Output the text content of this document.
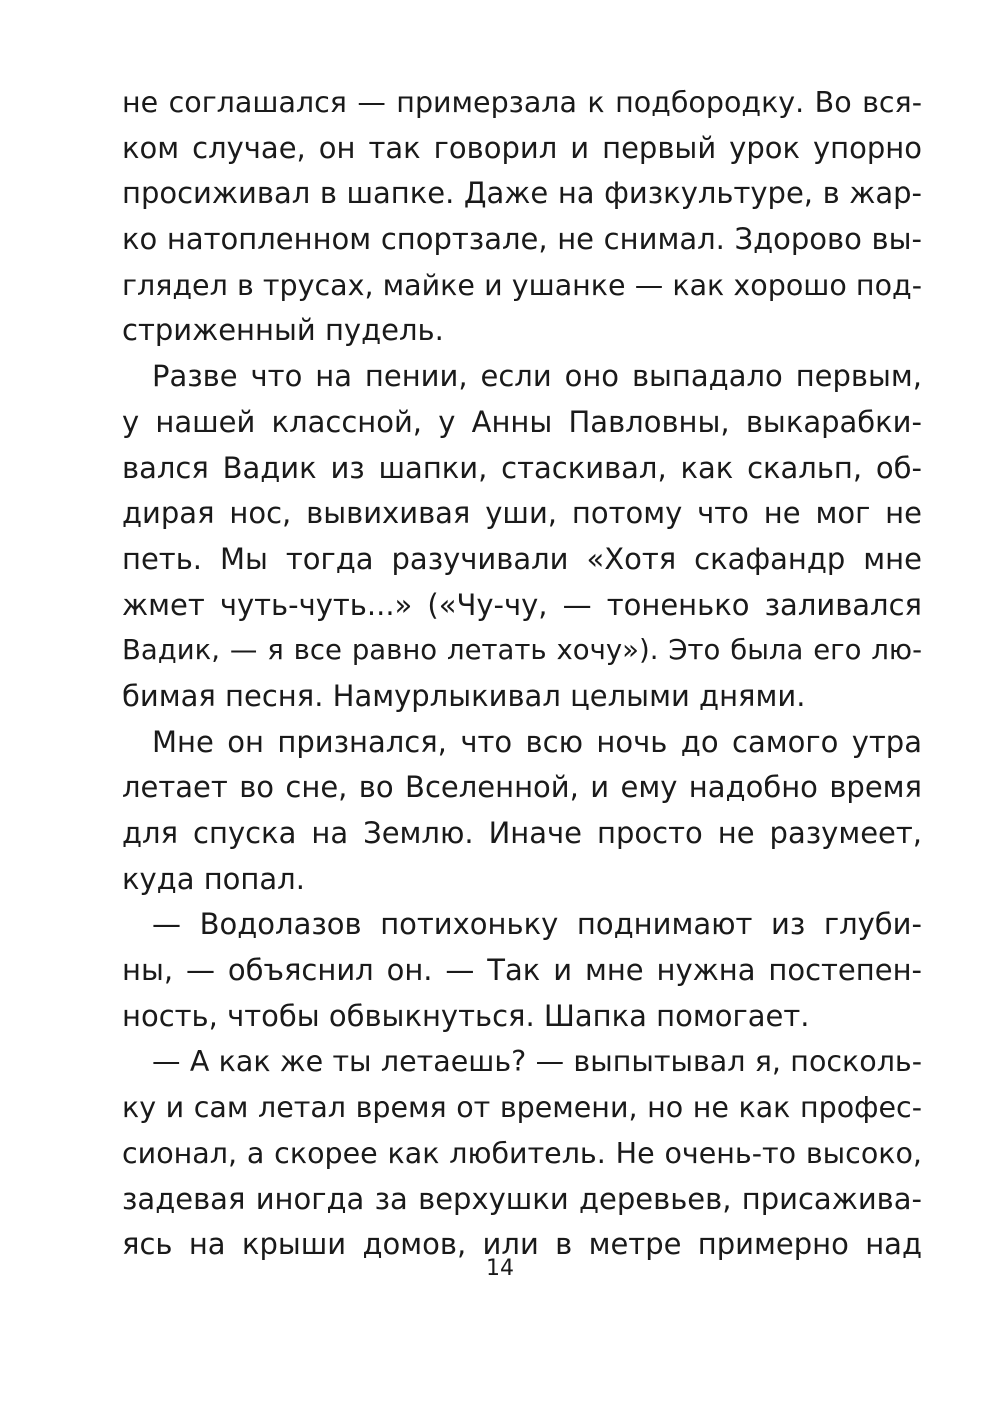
не соглашался — примерзала к подбородку. Во вся-
ком случае, он так говорил и первый урок упорно
просиживал в шапке. Даже на физкультуре, в жар-
ко натопленном спортзале, не снимал. Здорово вы-
глядел в трусах, майке и ушанке — как хорошо под-
стриженный пудель.
Разве что на пении, если оно выпадало первым,
у нашей классной, у Анны Павловны, выкарабки-
вался Вадик из шапки, стаскивал, как скальп, об-
дирая нос, вывихивая уши, потому что не мог не
петь. Мы тогда разучивали «Хотя скафандр мне
жмет чуть-чуть...» («Чу-чу, — тоненько заливался
Вадик, — я все равно летать хочу»). Это была его лю-
бимая песня. Намурлыкивал целыми днями.
Мне он признался, что всю ночь до самого утра
летает во сне, во Вселенной, и ему надобно время
для спуска на Землю. Иначе просто не разумеет,
куда попал.
— Водолазов потихоньку поднимают из глуби-
ны, — объяснил он. — Так и мне нужна постепен-
ность, чтобы обвыкнуться. Шапка помогает.
— А как же ты летаешь? — выпытывал я, посколь-
ку и сам летал время от времени, но не как профес-
сионал, а скорее как любитель. Не очень-то высоко,
задевая иногда за верхушки деревьев, присажива-
ясь на крыши домов, или в метре примерно над
14
